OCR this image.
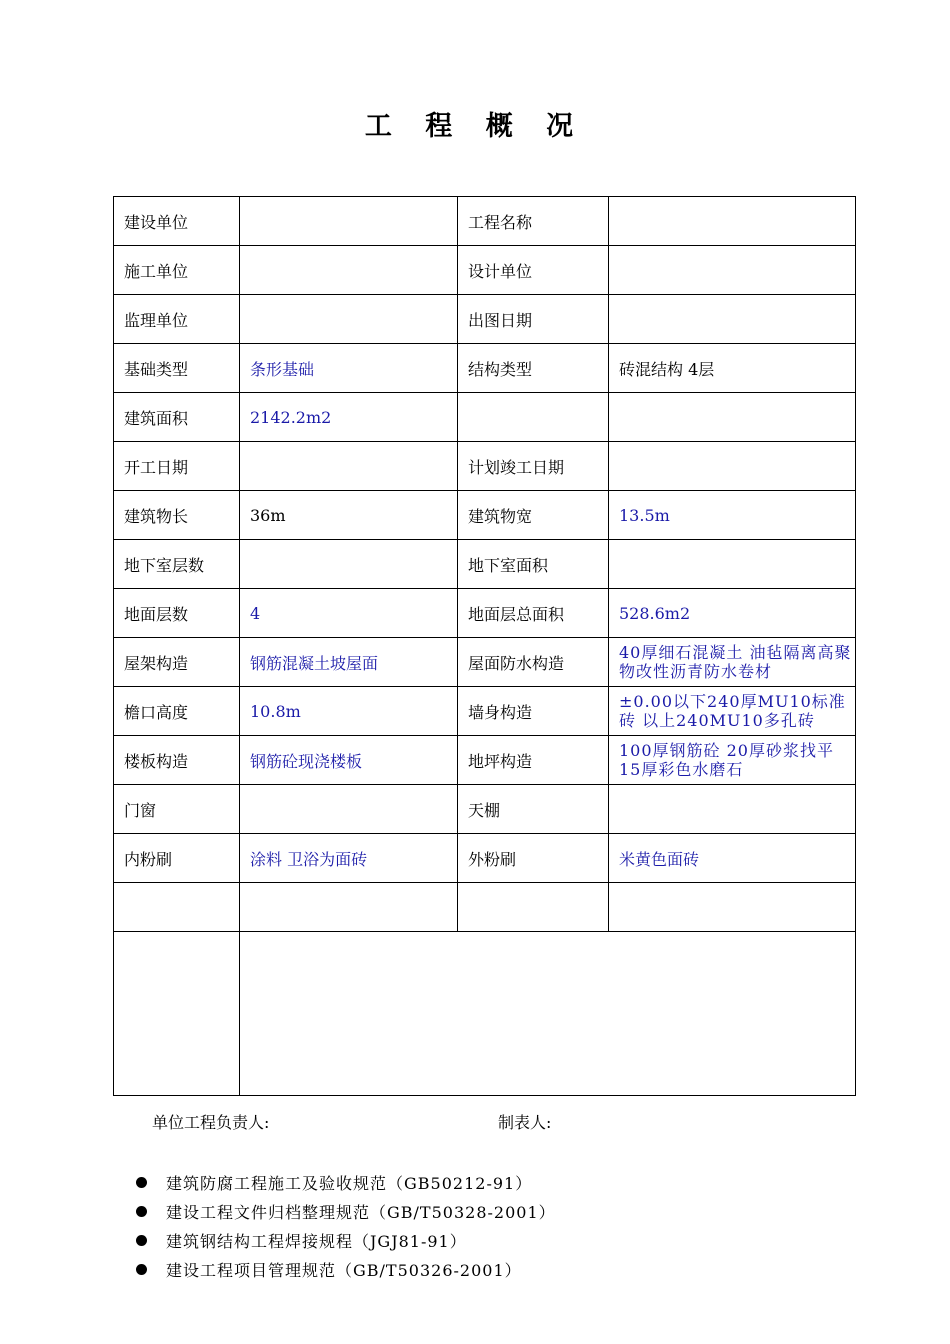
工 程 概 况
建设单位		工程名称	
施工单位		设计单位	
监理单位		出图日期	
基础类型	条形基础	结构类型	砖混结构 4层
建筑面积	2142.2m2		
开工日期		计划竣工日期	
建筑物长	36m	建筑物宽	13.5m
地下室层数		地下室面积	
地面层数	4	地面层总面积	528.6m2
屋架构造	钢筋混凝土坡屋面	屋面防水构造	40厚细石混凝土 油毡隔离高聚物改性沥青防水卷材
檐口高度	10.8m	墙身构造	±0.00以下240厚MU10标准砖 以上240MU10多孔砖
楼板构造	钢筋砼现浇楼板	地坪构造	100厚钢筋砼 20厚砂浆找平 15厚彩色水磨石
门窗		天棚	
内粉刷	涂料 卫浴为面砖	外粉刷	米黄色面砖

单位工程负责人:	制表人:
建筑防腐工程施工及验收规范（GB50212-91）
建设工程文件归档整理规范（GB/T50328-2001）
建筑钢结构工程焊接规程（JGJ81-91）
建设工程项目管理规范（GB/T50326-2001）
